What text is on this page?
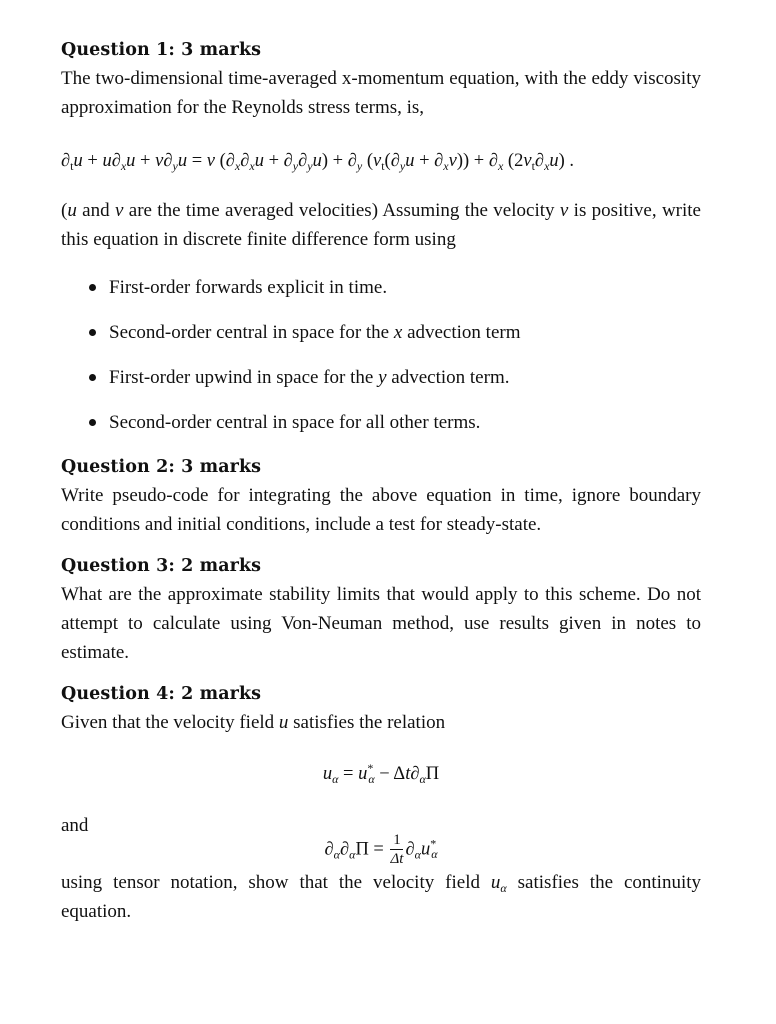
Question 1: 3 marks

The two-dimensional time-averaged x-momentum equation, with the eddy viscosity approximation for the Reynolds stress terms, is,

$\partial_tu + u\partial_xu + v\partial_yu = \nu$ $(\partial_x\partial_xu + \partial_y\partial_yu) + \partial_y$ $(\nu_t(\partial_yu + \partial_xv)) + \partial_x$ $(2\nu_t\partial_xu)$ .

(u and v are the time averaged velocities) Assuming the velocity v is positive, write this equation in discrete finite difference form using

First-order forwards explicit in time.
Second-order central in space for the x advection term
First-order upwind in space for the y advection term.
Second-order central in space for all other terms.
Question 2: 3 marks

Write pseudo-code for integrating the above equation in time, ignore boundary conditions and initial conditions, include a test for steady-state.

Question 3: 2 marks

What are the approximate stability limits that would apply to this scheme. Do not attempt to calculate using Von-Neuman method, use results given in notes to estimate.

Question 4: 2 marks

Given that the velocity field u satisfies the relation

$u_\alpha = u^*_\alpha - \Delta t\partial_\alpha\Pi$
and
$\partial_\alpha\partial_\alpha\Pi = \frac{1}{\Delta t} \partial_\alpha u^*_\alpha$

using tensor notation, show that the velocity field $u_\alpha$ satisfies the continuity equation.
